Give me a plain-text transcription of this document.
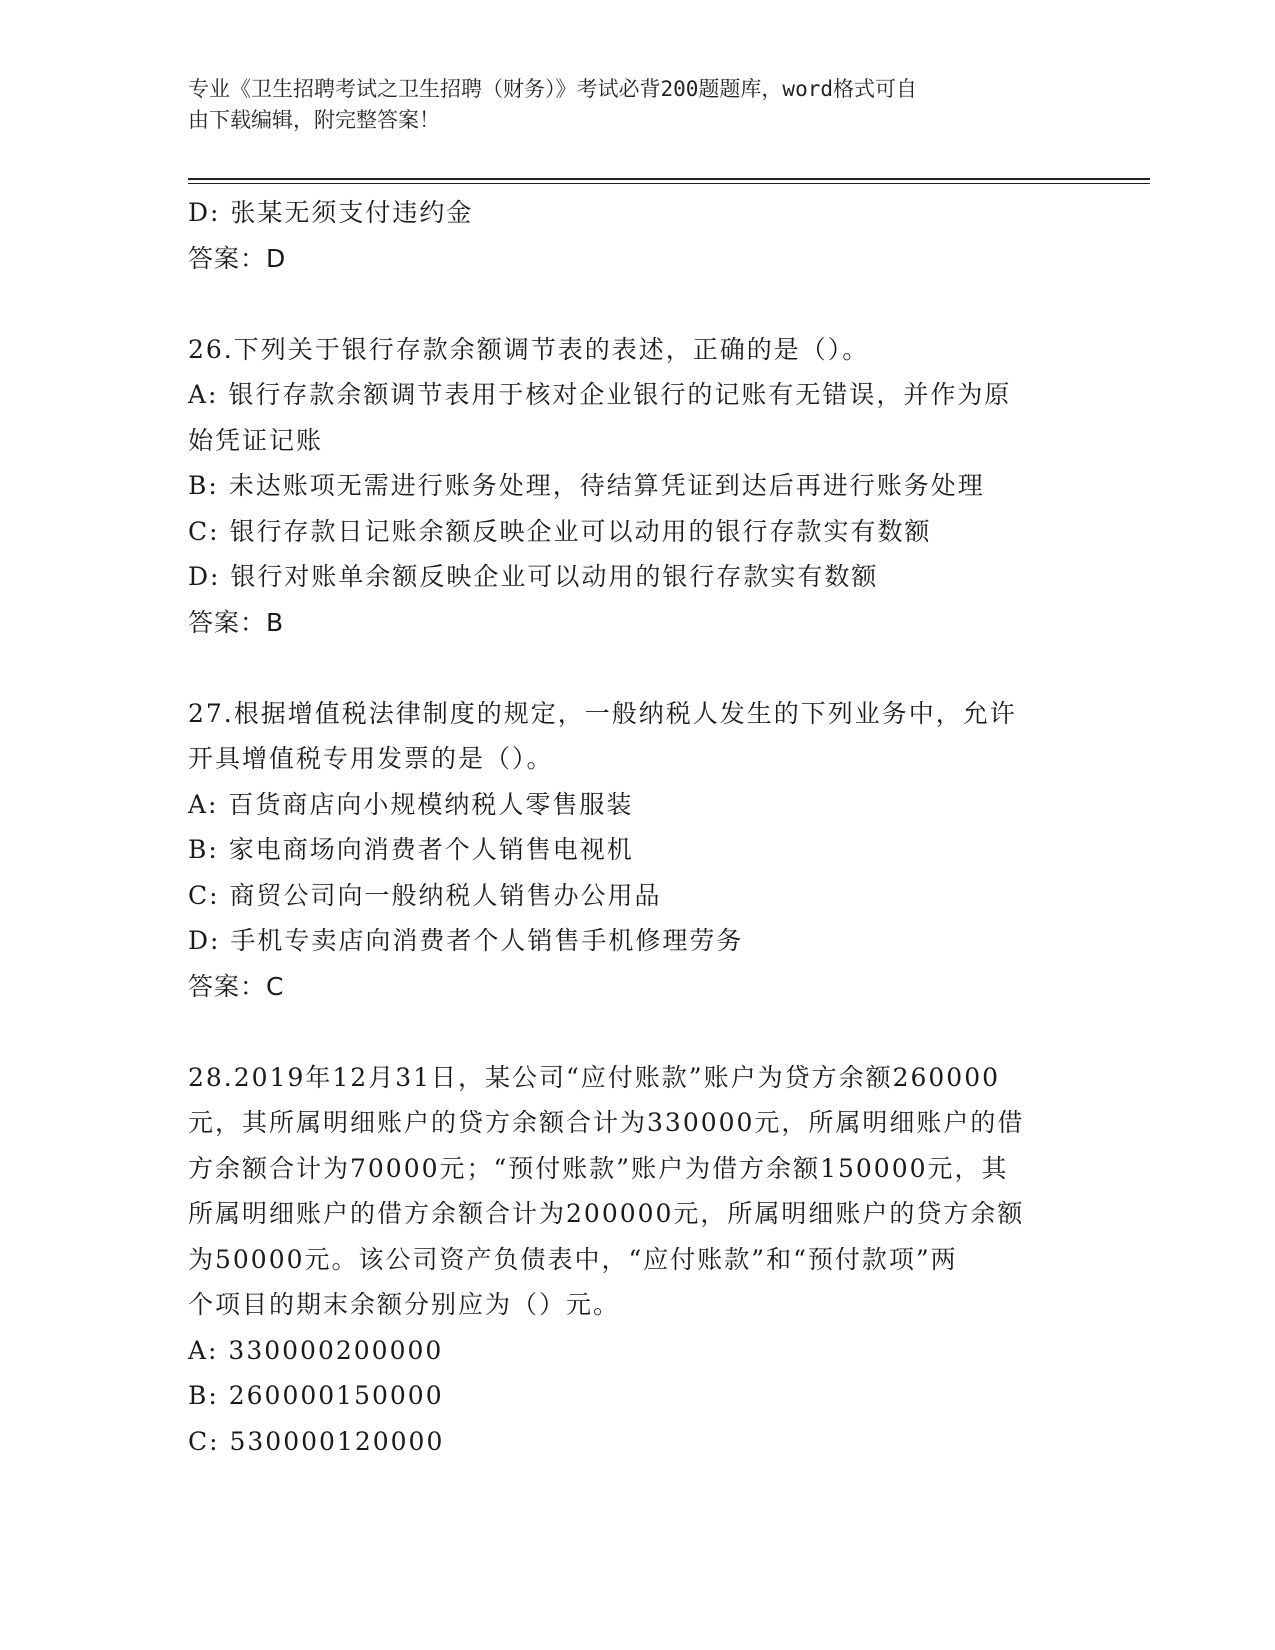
专业《卫生招聘考试之卫生招聘（财务）》考试必背200题题库，word格式可自
由下载编辑，附完整答案！
D: 张某无须支付违约金
答案：D
26.下列关于银行存款余额调节表的表述，正确的是（）。
A: 银行存款余额调节表用于核对企业银行的记账有无错误，并作为原
始凭证记账
B: 未达账项无需进行账务处理，待结算凭证到达后再进行账务处理
C: 银行存款日记账余额反映企业可以动用的银行存款实有数额
D: 银行对账单余额反映企业可以动用的银行存款实有数额
答案：B
27.根据增值税法律制度的规定，一般纳税人发生的下列业务中，允许
开具增值税专用发票的是（）。
A: 百货商店向小规模纳税人零售服装
B: 家电商场向消费者个人销售电视机
C: 商贸公司向一般纳税人销售办公用品
D: 手机专卖店向消费者个人销售手机修理劳务
答案：C
28.2019年12月31日，某公司“应付账款”账户为贷方余额260000
元，其所属明细账户的贷方余额合计为330000元，所属明细账户的借
方余额合计为70000元；“预付账款”账户为借方余额150000元，其
所属明细账户的借方余额合计为200000元，所属明细账户的贷方余额
为50000元。该公司资产负债表中，“应付账款”和“预付款项”两
个项目的期末余额分别应为（）元。
A: 330000200000
B: 260000150000
C: 530000120000
